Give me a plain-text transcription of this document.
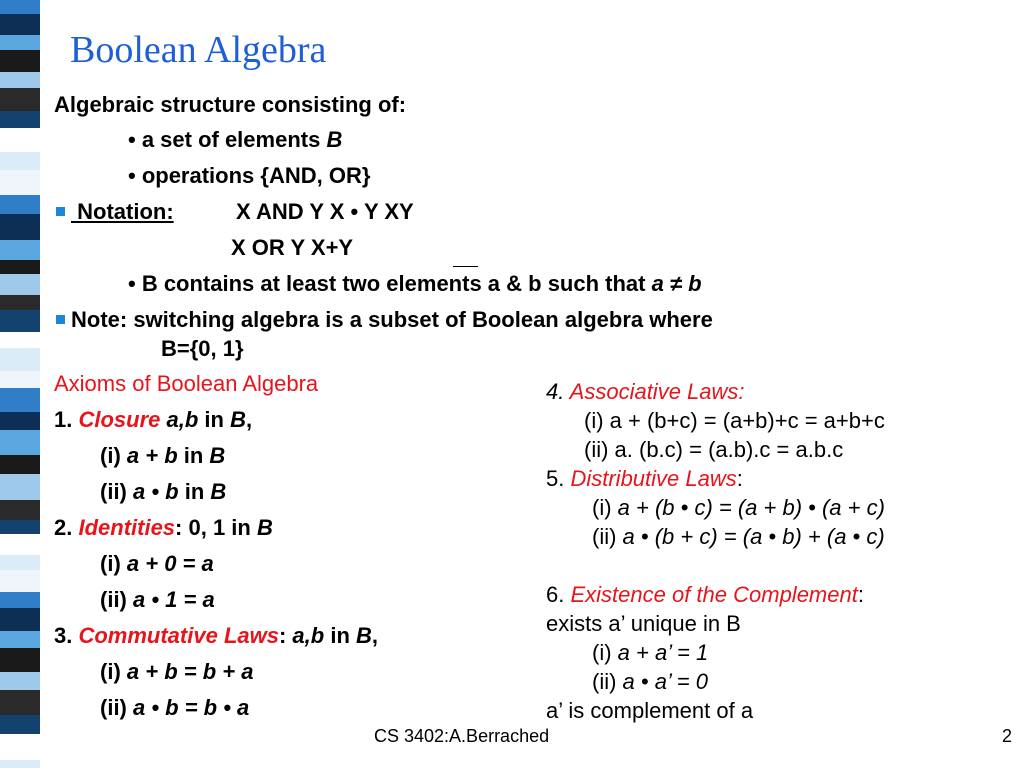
Boolean Algebra
Algebraic structure consisting of:
• a set of elements B
• operations {AND, OR}
Notation:	X AND Y X • Y XY
X OR Y X+Y
• B contains at least two elements a & b such that a ≠ b
Note: switching algebra is a subset of Boolean algebra where
B={0, 1}
Axioms of Boolean Algebra
1. Closure a,b in B,
(i) a + b in B
(ii) a • b in B
2. Identities: 0, 1 in B
(i) a + 0 = a
(ii) a • 1 = a
3. Commutative Laws: a,b in B,
(i) a + b = b + a
(ii) a • b = b • a
4. Associative Laws:
(i) a + (b+c) = (a+b)+c = a+b+c
(ii) a. (b.c) = (a.b).c = a.b.c
5. Distributive Laws:
(i) a + (b • c) = (a + b) • (a + c)
(ii) a • (b + c) = (a • b) + (a • c)
6. Existence of the Complement:
exists a’ unique in B
(i) a + a’ = 1
(ii) a • a’ = 0
a’ is complement of a
CS 3402:A.Berrached	2
